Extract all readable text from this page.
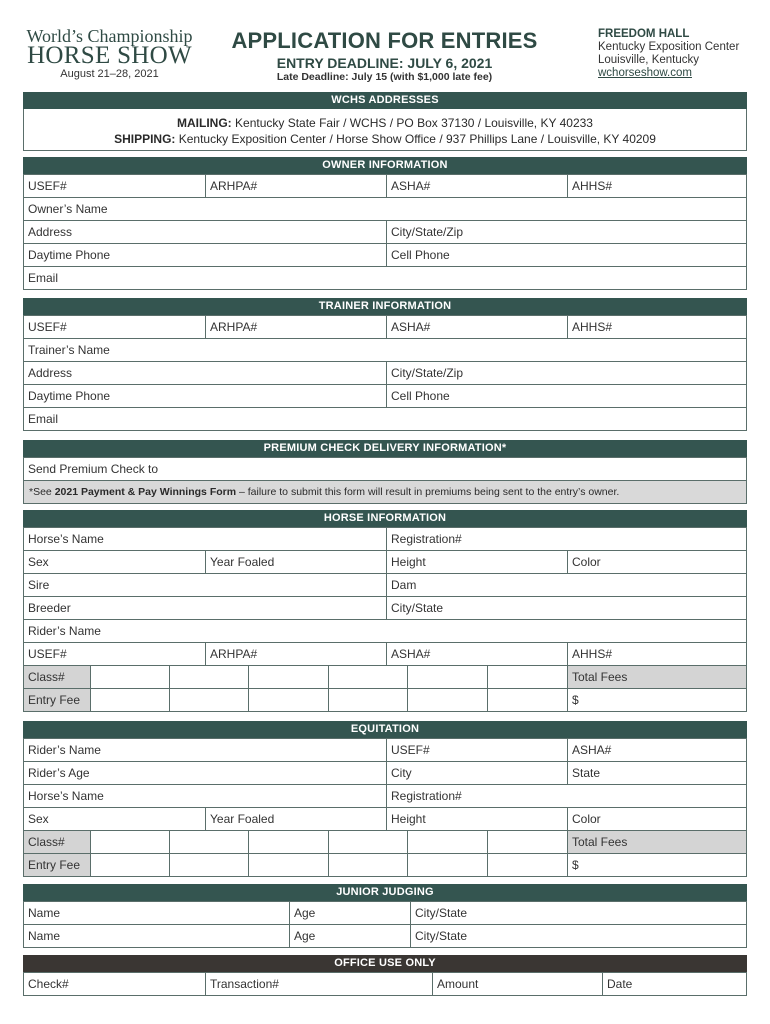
World’s Championship
HORSE SHOW
August 21–28, 2021
APPLICATION FOR ENTRIES
ENTRY DEADLINE: JULY 6, 2021
Late Deadline: July 15 (with $1,000 late fee)
FREEDOM HALL
Kentucky Exposition Center
Louisville, Kentucky
wchorseshow.com
WCHS ADDRESSES
MAILING: Kentucky State Fair / WCHS / PO Box 37130 / Louisville, KY 40233
SHIPPING: Kentucky Exposition Center / Horse Show Office / 937 Phillips Lane / Louisville, KY 40209
OWNER INFORMATION
USEF#	ARHPA#	ASHA#	AHHS#
Owner’s Name
Address	City/State/Zip
Daytime Phone	Cell Phone
Email
TRAINER INFORMATION
USEF#	ARHPA#	ASHA#	AHHS#
Trainer’s Name
Address	City/State/Zip
Daytime Phone	Cell Phone
Email
PREMIUM CHECK DELIVERY INFORMATION*
Send Premium Check to
*See 2021 Payment & Pay Winnings Form – failure to submit this form will result in premiums being sent to the entry’s owner.
HORSE INFORMATION
Horse’s Name	Registration#
Sex	Year Foaled	Height	Color
Sire	Dam
Breeder	City/State
Rider’s Name
USEF#	ARHPA#	ASHA#	AHHS#
Class#	Total Fees
Entry Fee	$
EQUITATION
Rider’s Name	USEF#	ASHA#
Rider’s Age	City	State
Horse’s Name	Registration#
Sex	Year Foaled	Height	Color
Class#	Total Fees
Entry Fee	$
JUNIOR JUDGING
Name	Age	City/State
Name	Age	City/State
OFFICE USE ONLY
Check#	Transaction#	Amount	Date
